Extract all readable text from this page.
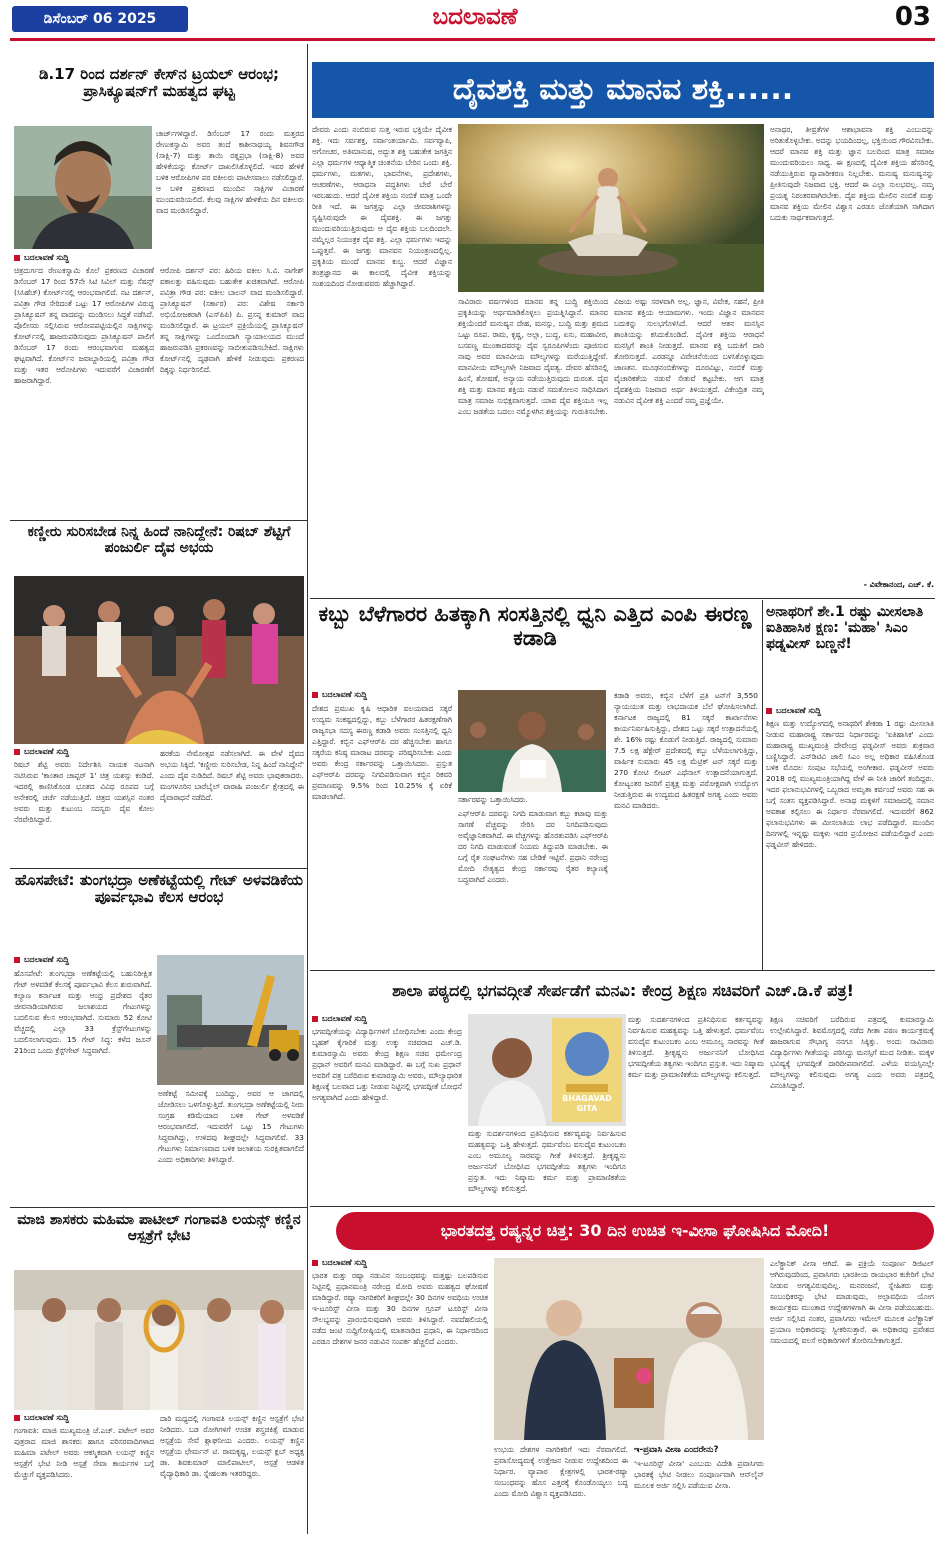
ಡಿಸೆಂಬರ್ 06 2025	ಬದಲಾವಣೆ	03
ಡಿ.17 ರಿಂದ ದರ್ಶನ್ ಕೇಸ್‌ನ ಟ್ರಯಲ್ ಆರಂಭ; ಪ್ರಾಸಿಕ್ಯೂಷನ್‌ಗೆ ಮಹತ್ವದ ಘಟ್ಟ
ಬದಲಾವಣೆ ಸುದ್ದಿ
ಚಾರ್ಜ್‌ಗಳಿದ್ದಾರೆ. ಡಿಸೆಂಬರ್ 17 ರಂದು ಮತ್ತರದ ರೇಣುಕಸ್ವಾಮಿ ಅವರ ತಂದೆ ಕಾಶೀನಾಥಯ್ಯ ಶಿವನಗೌಡ (ಸಾಕ್ಷಿ-7) ಮತ್ತು ತಾಯಿ ರತ್ನಪ್ರಭಾ (ಸಾಕ್ಷಿ-8) ಅವರ ಹೇಳಿಕೆಯನ್ನು ಕೋರ್ಟ್ ದಾಖಲಿಸಿಕೊಳ್ಳಲಿದೆ. ಇವರ ಹೇಳಿಕೆ ಬಳಿಕ ಆರೋಪಿಗಳ ಪರ ವಕೀಲರು ಪಾಟೀಸವಾಲು ನಡೆಸಲಿದ್ದಾರೆ. ಆ ಬಳಿಕ ಪ್ರಕರಣದ ಮುಂದಿನ ಸಾಕ್ಷಿಗಳ ವಿಚಾರಣೆ ಮುಂದುವರಿಯಲಿದೆ. ಕೆಲವು ಸಾಕ್ಷಿಗಳ ಹೇಳಿಕೆಯ ದಿನ ವಕೀಲರು ವಾದ ಮಂಡಿಸಲಿದ್ದಾರೆ.
ಚಿತ್ರದುರ್ಗದ ರೇಣುಕಸ್ವಾಮಿ ಕೊಲೆ ಪ್ರಕರಣದ ವಿಚಾರಣೆ ಡಿಸೆಂಬರ್ 17 ರಿಂದ 57ನೇ ಸಿಟಿ ಸಿವಿಲ್ ಮತ್ತು ಸೆಷನ್ಸ್ (ಸಿಸಿಹೆಚ್) ಕೋರ್ಟ್‌ನಲ್ಲಿ ಆರಂಭವಾಗಲಿದೆ. ನಟ ದರ್ಶನ್, ಪವಿತ್ರಾ ಗೌಡ ಸೇರಿದಂತೆ ಒಟ್ಟು 17 ಆರೋಪಿಗಳ ವಿರುದ್ಧ ಪ್ರಾಸಿಕ್ಯೂಷನ್ ತನ್ನ ವಾದವನ್ನು ಮಂಡಿಸಲು ಸಿದ್ಧತೆ ನಡೆಸಿದೆ. ಪೊಲೀಸರು ಸಲ್ಲಿಸಿರುವ ಆರೋಪಪಟ್ಟಿಯಲ್ಲಿನ ಸಾಕ್ಷಿಗಳನ್ನು ಕೋರ್ಟ್‌ನಲ್ಲಿ ಹಾಜರುಪಡಿಸುವುದು ಪ್ರಾಸಿಕ್ಯೂಷನ್ ಪಾಲಿಗೆ ಡಿಸೆಂಬರ್ 17 ರಂದು ಆರಂಭವಾಗುವ ಮಹತ್ವದ ಘಟ್ಟವಾಗಿದೆ. ಕೋರ್ಟ್‌ನ ಜವಾಬ್ದಾರಿಯಲ್ಲಿ ಪವಿತ್ರಾ ಗೌಡ ಮತ್ತು ಇತರ ಆರೋಪಿಗಳು ಇದುವರೆಗೆ ವಿಚಾರಣೆಗೆ ಹಾಜರಾಗಿದ್ದಾರೆ.
ಆರೋಪಿ ದರ್ಶನ್ ಪರ: ಹಿರಿಯ ವಕೀಲ ಸಿ.ವಿ. ನಾಗೇಶ್ ವಕಾಲತ್ತು ವಹಿಸುವುದು ಬಹುತೇಕ ಖಚಿತವಾಗಿದೆ. ಆರೋಪಿ ಪವಿತ್ರಾ ಗೌಡ ಪರ: ವಕೀಲ ಬಾಲನ್ ವಾದ ಮಂಡಿಸಲಿದ್ದಾರೆ. ಪ್ರಾಸಿಕ್ಯೂಷನ್ (ಸರ್ಕಾರ) ಪರ: ವಿಶೇಷ ಸರ್ಕಾರಿ ಅಭಿಯೋಜಕರಾಗಿ (ಎಸ್‌ಪಿಪಿ) ಪಿ. ಪ್ರಸನ್ನ ಕುಮಾರ್ ವಾದ ಮಂಡಿಸಲಿದ್ದಾರೆ. ಈ ಟ್ರಯಲ್ ಪ್ರಕ್ರಿಯೆಯಲ್ಲಿ ಪ್ರಾಸಿಕ್ಯೂಷನ್ ತನ್ನ ಸಾಕ್ಷಿಗಳನ್ನು ಒಂದೊಂದಾಗಿ ನ್ಯಾಯಾಲಯದ ಮುಂದೆ ಹಾಜರುಪಡಿಸಿ ಪ್ರಕರಣವನ್ನು ಸಾಬೀತುಪಡಿಸಬೇಕಿದೆ. ಸಾಕ್ಷಿಗಳು ಕೋರ್ಟ್‌ನಲ್ಲಿ ದೃಢವಾಗಿ ಹೇಳಿಕೆ ನೀಡುವುದು ಪ್ರಕರಣದ ದಿಕ್ಕನ್ನು ನಿರ್ಧರಿಸಲಿದೆ.
ಕಣ್ಣೀರು ಸುರಿಸಬೇಡ ನಿನ್ನ ಹಿಂದೆ ನಾನಿದ್ದೇನೆ: ರಿಷಬ್ ಶೆಟ್ಟಿಗೆ ಪಂಜುರ್ಲಿ ದೈವ ಅಭಯ
ಬದಲಾವಣೆ ಸುದ್ದಿ
ರಿಷಬ್ ಶೆಟ್ಟಿ ಅವರು ನಿರ್ದೇಶಿಸಿ ನಾಯಕ ನಟನಾಗಿ ನಟಿಸಿರುವ 'ಕಾಂತಾರ ಚಾಪ್ಟರ್ 1' ಚಿತ್ರ ಯಶಸ್ಸು ಕಂಡಿದೆ. ಇದರಲ್ಲಿ ಕಾಣಿಸಿಕೊಂಡ ಭೂತದ ವಿವಿಧ ರೂಪದ ಬಗ್ಗೆ ಅನೇಕರಲ್ಲಿ ಚರ್ಚೆ ನಡೆಯುತ್ತಿದೆ. ಚಿತ್ರದ ಯಶಸ್ಸಿನ ನಂತರ ಅವರು ಮತ್ತು ಕುಟುಂಬ ಸದಸ್ಯರು ದೈವ ಕೋಲ ನೆರವೇರಿಸಿದ್ದಾರೆ.
ಹರಕೆಯ ನೇಮೋತ್ಸವ ನಡೆಸಲಾಗಿದೆ. ಈ ವೇಳೆ ದೈವದ ಅಭಯ ಸಿಕ್ಕಿದೆ. 'ಕಣ್ಣೀರು ಸುರಿಸಬೇಡ, ನಿನ್ನ ಹಿಂದೆ ನಾನಿದ್ದೇನೆ' ಎಂದು ದೈವ ನುಡಿದಿದೆ. ರಿಷಬ್ ಶೆಟ್ಟಿ ಅವರು ಭಾವುಕರಾದರು. ಮಂಗಳೂರಿನ ಬಾರೆಬೈಲ್ ವಾರಾಹಿ ಪಂಜುರ್ಲಿ ಕ್ಷೇತ್ರದಲ್ಲಿ ಈ ದೈವಾರಾಧನೆ ನಡೆದಿದೆ.
ಹೊಸಪೇಟೆ: ತುಂಗಭದ್ರಾ ಅಣೆಕಟ್ಟೆಯಲ್ಲಿ ಗೇಟ್ ಅಳವಡಿಕೆಯ ಪೂರ್ವಭಾವಿ ಕೆಲಸ ಆರಂಭ
ಬದಲಾವಣೆ ಸುದ್ದಿ
ಹೊಸಪೇಟೆ: ತುಂಗಭದ್ರಾ ಅಣೆಕಟ್ಟೆಯಲ್ಲಿ ಬಹುನಿರೀಕ್ಷಿತ ಗೇಟ್ ಅಳವಡಿಕೆ ಕೆಲಸಕ್ಕೆ ಪೂರ್ವಭಾವಿ ಕೆಲಸ ಶುರುವಾಗಿದೆ. ಕಲ್ಯಾಣ ಕರ್ನಾಟಕ ಮತ್ತು ಆಂಧ್ರ ಪ್ರದೇಶದ ರೈತರ ಜೀವನಾಡಿಯಾಗಿರುವ ಜಲಾಶಯದ ಗೇಟುಗಳನ್ನು ಬದಲಿಸುವ ಕೆಲಸ ಆರಂಭವಾಗಿದೆ. ಸುಮಾರು 52 ಕೋಟಿ ವೆಚ್ಚದಲ್ಲಿ ಎಲ್ಲಾ 33 ಕ್ರೆಸ್ಟ್‌ಗೇಟುಗಳನ್ನು ಬದಲಿಸಲಾಗುವುದು. 15 ಗೇಟ್ ಸಿದ್ಧ: ಕಳೆದ ಜೂನ್ 21ರಿಂದ ಒಂದು ಕ್ರೆಸ್ಟ್‌ಗೇಟ್ ಸಿದ್ಧವಾಗಿದೆ.
ಅಣೆಕಟ್ಟೆ ಸಮೀಪಕ್ಕೆ ಬಂದಿದ್ದು, ಅವರ ಆ ಜಾಗದಲ್ಲಿ ಜೋಡಿಸಲು ಒಳಗೊಳ್ಳುತ್ತಿದೆ. ತುಂಗಭದ್ರಾ ಅಣೆಕಟ್ಟೆಯಲ್ಲಿ ನೀರು ಸಂಗ್ರಹ ಕಡಿಮೆಯಾದ ಬಳಿಕ ಗೇಟ್ ಅಳವಡಿಕೆ ಆರಂಭವಾಗಲಿದೆ. ಇದುವರೆಗೆ ಒಟ್ಟು 15 ಗೇಟುಗಳು ಸಿದ್ಧವಾಗಿದ್ದು, ಉಳಿದವು ಶೀಘ್ರದಲ್ಲೇ ಸಿದ್ಧವಾಗಲಿವೆ. 33 ಗೇಟುಗಳು ನಿರ್ಮಾಣವಾದ ಬಳಿಕ ಜಲಾಶಯ ಸುರಕ್ಷಿತವಾಗಲಿದೆ ಎಂದು ಅಧಿಕಾರಿಗಳು ತಿಳಿಸಿದ್ದಾರೆ.
ಮಾಜಿ ಶಾಸಕರು ಮಹಿಮಾ ಪಾಟೀಲ್ ಗಂಗಾವತಿ ಲಯನ್ಸ್ ಕಣ್ಣಿನ ಆಸ್ಪತ್ರೆಗೆ ಭೇಟಿ
ಬದಲಾವಣೆ ಸುದ್ದಿ
ಗಂಗಾವತಿ: ಮಾಜಿ ಮುಖ್ಯಮಂತ್ರಿ ಜೆ.ಎಚ್. ಪಟೇಲ್ ಅವರ ಪುತ್ರರಾದ ಮಾಜಿ ಶಾಸಕರು ಹಾಗೂ ಪರಿಸರವಾದಿಗಳಾದ ಮಹಿಮಾ ಪಟೇಲ್ ಅವರು ಆಕಸ್ಮಿಕವಾಗಿ ಲಯನ್ಸ್ ಕಣ್ಣಿನ ಆಸ್ಪತ್ರೆಗೆ ಭೇಟಿ ನೀಡಿ ಆಸ್ಪತ್ರೆ ಸೇವಾ ಕಾರ್ಯಗಳ ಬಗ್ಗೆ ಮೆಚ್ಚುಗೆ ವ್ಯಕ್ತಪಡಿಸಿದರು.
ದಾರಿ ಮಧ್ಯದಲ್ಲಿ ಗಂಗಾವತಿ ಲಯನ್ಸ್ ಕಣ್ಣಿನ ಆಸ್ಪತ್ರೆಗೆ ಭೇಟಿ ನೀಡಿದರು. ಬಡ ರೋಗಿಗಳಿಗೆ ಉಚಿತ ಶಸ್ತ್ರಚಿಕಿತ್ಸೆ ಮಾಡುವ ಆಸ್ಪತ್ರೆಯ ಸೇವೆ ಶ್ಲಾಘನೀಯ ಎಂದರು. ಲಯನ್ಸ್ ಕಣ್ಣಿನ ಆಸ್ಪತ್ರೆಯ ಛೇರ್ಮನ್ ಟಿ. ರಾಮಕೃಷ್ಣ, ಲಯನ್ಸ್ ಕ್ಲಬ್ ಅಧ್ಯಕ್ಷ ಡಾ. ಶಿವಕುಮಾರ್ ಮಾಲಿಪಾಟೀಲ್, ಆಸ್ಪತ್ರೆ ಆಡಳಿತ ವೈದ್ಯಾಧಿಕಾರಿ ಡಾ. ಸ್ನೇಹಲತಾ ಇತರರಿದ್ದರು.
ದೈವಶಕ್ತಿ ಮತ್ತು ಮಾನವ ಶಕ್ತಿ......
ದೇವರು ಎಂದು ನಂಬಿರುವ ಸುತ್ತ ಇರುವ ಭಕ್ತಿಯೇ ದೈವೀಕ ಶಕ್ತಿ. ಇದು ಸರ್ವಶಕ್ತ, ಸರ್ವಾಂತರ್ಯಾಮಿ. ಸರ್ವವ್ಯಾಪಿ, ಅಗೋಚರ, ಅತಿಮಾನುಷ, ಅದ್ಭುತ ಶಕ್ತಿ ಬಹುತೇಕ ಜಗತ್ತಿನ ಎಲ್ಲಾ ಧರ್ಮಗಳ ಆಧ್ಯಾತ್ಮಿಕ ಚಿಂತನೆಯ ಬೇರಿನ ಒಂದು ಶಕ್ತಿ. ಧರ್ಮಗಳು, ಮತಗಳು, ಭಾವನೆಗಳು, ಪ್ರದೇಶಗಳು, ಆಚರಣೆಗಳು, ಆರಾಧನಾ ಪದ್ಧತಿಗಳು ಬೇರೆ ಬೇರೆ ಇರಬಹುದು. ಆದರೆ ದೈವೀಕ ಶಕ್ತಿಯ ನಂಬಿಕೆ ಮಾತ್ರ ಒಂದೇ ರೀತಿ ಇದೆ. ಈ ಜಗತ್ತನ್ನು ಎಲ್ಲಾ ಜೀವರಾಶಿಗಳನ್ನು ಸೃಷ್ಟಿಸಿರುವುದೇ ಈ ದೈವಶಕ್ತಿ. ಈ ಜಗತ್ತು ಮುಂದುವರಿಯುತ್ತಿರುವುದು ಆ ದೈವ ಶಕ್ತಿಯ ಬಲದಿಂದಲೇ. ನಮ್ಮೆಲ್ಲರ ನಿಯಂತ್ರಕ ದೈವ ಶಕ್ತಿ. ಎಲ್ಲಾ ಧರ್ಮಗಳು ಇದನ್ನು ಒಪ್ಪುತ್ತವೆ. ಈ ಜಗತ್ತು ಮಾನವನ ನಿಯಂತ್ರಣದಲ್ಲಿಲ್ಲ. ಪ್ರಕೃತಿಯ ಮುಂದೆ ಮಾನವ ಕುಬ್ಜ. ಆದರೆ ವಿಜ್ಞಾನ ತಂತ್ರಜ್ಞಾನದ ಈ ಕಾಲದಲ್ಲಿ ದೈವೀಕ ಶಕ್ತಿಯನ್ನು ಸಂಶಯದಿಂದ ನೋಡುವವರು ಹೆಚ್ಚಾಗಿದ್ದಾರೆ.
ಸಾವಿರಾರು ವರ್ಷಗಳಿಂದ ಮಾನವ ತನ್ನ ಬುದ್ಧಿ ಶಕ್ತಿಯಿಂದ ಪ್ರಕೃತಿಯನ್ನು ಅರ್ಥಮಾಡಿಕೊಳ್ಳಲು ಪ್ರಯತ್ನಿಸಿದ್ದಾನೆ. ಮಾನವ ಶಕ್ತಿಯೆಂದರೆ ಮನುಷ್ಯನ ದೇಹ, ಮನಸ್ಸು, ಬುದ್ಧಿ ಮತ್ತು ಶ್ರಮದ ಒಟ್ಟು ರೂಪ. ರಾಮ, ಕೃಷ್ಣ, ಅಲ್ಲಾ, ಬುದ್ಧ, ಏಸು, ಮಹಾವೀರ, ಬಸವಣ್ಣ ಮುಂತಾದವರನ್ನು ದೈವ ಸ್ವರೂಪಿಗಳೆಂದು ಪೂಜಿಸುವ ನಾವು ಅವರ ಮಾನವೀಯ ಮೌಲ್ಯಗಳನ್ನು ಮರೆಯುತ್ತಿದ್ದೇವೆ. ಮಾನವೀಯ ಮೌಲ್ಯಗಳೇ ನಿಜವಾದ ದೈವತ್ವ. ದೇವರ ಹೆಸರಿನಲ್ಲಿ ಹಿಂಸೆ, ಶೋಷಣೆ, ಅನ್ಯಾಯ ನಡೆಯುತ್ತಿರುವುದು ದುರಂತ. ದೈವ ಶಕ್ತಿ ಮತ್ತು ಮಾನವ ಶಕ್ತಿಯ ನಡುವೆ ಸಮತೋಲನ ಸಾಧಿಸಿದಾಗ ಮಾತ್ರ ಸಮಾಜ ಸುಭಿಕ್ಷವಾಗುತ್ತದೆ. ಯಾವ ದೈವ ಶಕ್ತಿಯೂ ಇಲ್ಲ ಎಂಬ ಜಡತೆಯ ಬದಲು ನಮ್ಮೊಳಗಿನ ಶಕ್ತಿಯನ್ನು ಗುರುತಿಸಬೇಕು.
ವಿಜಯ ಅಷ್ಟು ಸರಳವಾಗಿ ಅಲ್ಲ. ಜ್ಞಾನ, ವಿವೇಕ, ಸಹನೆ, ಪ್ರೀತಿ ಮಾನವ ಶಕ್ತಿಯ ಆಯಾಮಗಳು. ಇಂದು ವಿಜ್ಞಾನ ಮಾನವನ ಬದುಕನ್ನು ಸುಲಭಗೊಳಿಸಿದೆ. ಆದರೆ ಆತನ ಮನಸ್ಸಿನ ಶಾಂತಿಯನ್ನು ಕಸಿದುಕೊಂಡಿದೆ. ದೈವೀಕ ಶಕ್ತಿಯ ಆರಾಧನೆ ಮನಸ್ಸಿಗೆ ಶಾಂತಿ ನೀಡುತ್ತದೆ. ಮಾನವ ಶಕ್ತಿ ಬದುಕಿಗೆ ದಾರಿ ತೋರಿಸುತ್ತದೆ. ಎರಡನ್ನೂ ವಿವೇಚನೆಯಿಂದ ಬಳಸಿಕೊಳ್ಳುವುದು ಜಾಣತನ. ಮೂಢನಂಬಿಕೆಗಳನ್ನು ದೂರವಿಟ್ಟು, ನಂಬಿಕೆ ಮತ್ತು ವೈಚಾರಿಕತೆಯ ನಡುವೆ ಸೇತುವೆ ಕಟ್ಟಬೇಕು. ಆಗ ಮಾತ್ರ ದೈವಶಕ್ತಿಯ ನಿಜವಾದ ಅರ್ಥ ತಿಳಿಯುತ್ತದೆ. ವಿಕೇಂದ್ರಿತ ನಮ್ಮ ನಡುವಿನ ದೈವೀಕ ಶಕ್ತಿ ಎಂದರೆ ನಮ್ಮ ಪ್ರಜ್ಞೆಯೇ.
ಅನಾಥರ, ತೀವ್ರತೆಗಳ ಆಶಾಭಾವನಾ ಶಕ್ತಿ ಎಂಬುದನ್ನು ಅರಿತುಕೊಳ್ಳಬೇಕು. ಅದನ್ನು ಭಯದಿಂದಲ್ಲ, ಭಕ್ತಿಯಿಂದ ಗೌರವಿಸಬೇಕು. ಆದರೆ ಮಾನವ ಶಕ್ತಿ ಮತ್ತು ಜ್ಞಾನ ಬಲದಿಂದ ಮಾತ್ರ ಸಮಾಜ ಮುಂದುವರಿಯಲು ಸಾಧ್ಯ. ಈ ಕ್ಷಣದಲ್ಲಿ ದೈವೀಕ ಶಕ್ತಿಯ ಹೆಸರಿನಲ್ಲಿ ನಡೆಯುತ್ತಿರುವ ವ್ಯಾಪಾರೀಕರಣ ನಿಲ್ಲಬೇಕು. ಮನುಷ್ಯ ಮನುಷ್ಯನನ್ನು ಪ್ರೀತಿಸುವುದೇ ನಿಜವಾದ ಭಕ್ತಿ. ಆದರೆ ಈ ಎಲ್ಲಾ ಸುಲಭವಲ್ಲ. ನಮ್ಮ ಪ್ರಯತ್ನ ನಿರಂತರವಾಗಿರಬೇಕು. ದೈವ ಶಕ್ತಿಯ ಮೇಲಿನ ನಂಬಿಕೆ ಮತ್ತು ಮಾನವ ಶಕ್ತಿಯ ಮೇಲಿನ ವಿಶ್ವಾಸ ಎರಡೂ ಜೊತೆಯಾಗಿ ಸಾಗಿದಾಗ ಬದುಕು ಸಾರ್ಥಕವಾಗುತ್ತದೆ.
- ವಿವೇಕಾನಂದ, ಎಚ್. ಕೆ.
ಕಬ್ಬು ಬೆಳೆಗಾರರ ಹಿತಕ್ಕಾಗಿ ಸಂಸತ್ತಿನಲ್ಲಿ ಧ್ವನಿ ಎತ್ತಿದ ಎಂಪಿ ಈರಣ್ಣ ಕಡಾಡಿ
ಬದಲಾವಣೆ ಸುದ್ದಿ
ದೇಶದ ಪ್ರಮುಖ ಕೃಷಿ ಆಧಾರಿತ ವಲಯವಾದ ಸಕ್ಕರೆ ಉದ್ಯಮ ಸಂಕಷ್ಟದಲ್ಲಿದ್ದು, ಕಬ್ಬು ಬೆಳೆಗಾರರ ಹಿತರಕ್ಷಣೆಗಾಗಿ ರಾಜ್ಯಸಭಾ ಸದಸ್ಯ ಈರಣ್ಣ ಕಡಾಡಿ ಅವರು ಸಂಸತ್ತಿನಲ್ಲಿ ಧ್ವನಿ ಎತ್ತಿದ್ದಾರೆ. ಕಬ್ಬಿನ ಎಫ್‌ಆರ್‌ಪಿ ದರ ಹೆಚ್ಚಿಸಬೇಕು ಹಾಗೂ ಸಕ್ಕರೆಯ ಕನಿಷ್ಠ ಮಾರಾಟ ದರವನ್ನು ಪರಿಷ್ಕರಿಸಬೇಕು ಎಂದು ಅವರು ಕೇಂದ್ರ ಸರ್ಕಾರವನ್ನು ಒತ್ತಾಯಿಸಿದರು. ಪ್ರಸ್ತುತ ಎಫ್‌ಆರ್‌ಪಿ ದರವನ್ನು ನಿಗದಿಪಡಿಸುವಾಗ ಕಬ್ಬಿನ ರಿಕವರಿ ಪ್ರಮಾಣವನ್ನು 9.5% ರಿಂದ 10.25% ಕ್ಕೆ ಏರಿಕೆ ಮಾಡಲಾಗಿದೆ.	ಸರ್ಕಾರವನ್ನು ಒತ್ತಾಯಿಸಿದರು.
ಎಫ್‌ಆರ್‌ಪಿ ದರವನ್ನು ನಿಗದಿ ಮಾಡುವಾಗ ಕಬ್ಬು ಕಟಾವು ಮತ್ತು ಸಾಗಣೆ ವೆಚ್ಚವನ್ನು ಸೇರಿಸಿ ದರ ನಿಗದಿಪಡಿಸುವುದು ಅವೈಜ್ಞಾನಿಕವಾಗಿದೆ. ಈ ವೆಚ್ಚಗಳನ್ನು ಹೊರತುಪಡಿಸಿ ಎಫ್‌ಆರ್‌ಪಿ ದರ ನಿಗದಿ ಮಾಡುವಂತೆ ನಿಯಮ ತಿದ್ದುಪಡಿ ಮಾಡಬೇಕು. ಈ ಬಗ್ಗೆ ರೈತ ಸಂಘಟನೆಗಳು ಸಹ ಬೇಡಿಕೆ ಇಟ್ಟಿವೆ. ಪ್ರಧಾನಿ ನರೇಂದ್ರ ಮೋದಿ ನೇತೃತ್ವದ ಕೇಂದ್ರ ಸರ್ಕಾರವು ರೈತರ ಕಲ್ಯಾಣಕ್ಕೆ ಬದ್ಧವಾಗಿದೆ ಎಂದರು.
ಕಡಾಡಿ ಅವರು, ಕಬ್ಬಿನ ಬೆಳೆಗೆ ಪ್ರತಿ ಟನ್‌ಗೆ 3,550 ನ್ಯಾಯಯುತ ಮತ್ತು ಲಾಭದಾಯಕ ಬೆಲೆ ಘೋಷಿಸಲಾಗಿದೆ. ಕರ್ನಾಟಕ ರಾಜ್ಯದಲ್ಲಿ 81 ಸಕ್ಕರೆ ಕಾರ್ಖಾನೆಗಳು ಕಾರ್ಯನಿರ್ವಹಿಸುತ್ತಿದ್ದು, ದೇಶದ ಒಟ್ಟು ಸಕ್ಕರೆ ಉತ್ಪಾದನೆಯಲ್ಲಿ ಶೇ. 16% ರಷ್ಟು ಕೊಡುಗೆ ನೀಡುತ್ತಿದೆ. ರಾಜ್ಯದಲ್ಲಿ ಸುಮಾರು 7.5 ಲಕ್ಷ ಹೆಕ್ಟೇರ್ ಪ್ರದೇಶದಲ್ಲಿ ಕಬ್ಬು ಬೆಳೆಯಲಾಗುತ್ತಿದ್ದು, ವಾರ್ಷಿಕ ಸುಮಾರು 45 ಲಕ್ಷ ಮೆಟ್ರಿಕ್ ಟನ್ ಸಕ್ಕರೆ ಮತ್ತು 270 ಕೋಟಿ ಲೀಟರ್ ಎಥೆನಾಲ್ ಉತ್ಪಾದನೆಯಾಗುತ್ತದೆ. ಕೋಟ್ಯಂತರ ಜನರಿಗೆ ಪ್ರತ್ಯಕ್ಷ ಮತ್ತು ಪರೋಕ್ಷವಾಗಿ ಉದ್ಯೋಗ ನೀಡುತ್ತಿರುವ ಈ ಉದ್ಯಮದ ಹಿತರಕ್ಷಣೆ ಅಗತ್ಯ ಎಂದು ಅವರು ಮನವಿ ಮಾಡಿದರು.
ಅನಾಥರಿಗೆ ಶೇ.1 ರಷ್ಟು ಮೀಸಲಾತಿ ಐತಿಹಾಸಿಕ ಕ್ಷಣ: 'ಮಹಾ' ಸಿಎಂ ಫಡ್ನವೀಸ್ ಬಣ್ಣನೆ!
ಬದಲಾವಣೆ ಸುದ್ದಿ
ಶಿಕ್ಷಣ ಮತ್ತು ಉದ್ಯೋಗದಲ್ಲಿ ಅನಾಥರಿಗೆ ಶೇಕಡಾ 1 ರಷ್ಟು ಮೀಸಲಾತಿ ನೀಡುವ ಮಹಾರಾಷ್ಟ್ರ ಸರ್ಕಾರದ ನಿರ್ಧಾರವನ್ನು 'ಐತಿಹಾಸಿಕ' ಎಂದು ಮಹಾರಾಷ್ಟ್ರ ಮುಖ್ಯಮಂತ್ರಿ ದೇವೇಂದ್ರ ಫಡ್ನವೀಸ್ ಅವರು ಶುಕ್ರವಾರ ಬಣ್ಣಿಸಿದ್ದಾರೆ. ಎನ್‌ಡಿಟಿವಿ ಜಾಲಿ ಸಿಎಂ ಅಲ್ಲ ಅಧಿಕಾರ ವಹಿಸಿಕೊಂಡ ಬಳಿಕ ಮೊದಲ ಸಂಪುಟ ಸಭೆಯಲ್ಲಿ ಅಂಗೀಕಾರ. ಫಡ್ನವೀಸ್ ಅವರು 2018 ರಲ್ಲಿ ಮುಖ್ಯಮಂತ್ರಿಯಾಗಿದ್ದ ವೇಳೆ ಈ ನೀತಿ ಜಾರಿಗೆ ತಂದಿದ್ದರು. ಇದರ ಫಲಾನುಭವಿಗಳಲ್ಲಿ ಒಬ್ಬರಾದ ಅಮೃತಾ ಕರ್ವಂದೆ ಅವರು ಸಹ ಈ ಬಗ್ಗೆ ಸಂತಸ ವ್ಯಕ್ತಪಡಿಸಿದ್ದಾರೆ. ಅನಾಥ ಮಕ್ಕಳಿಗೆ ಸಮಾಜದಲ್ಲಿ ಸಮಾನ ಅವಕಾಶ ಕಲ್ಪಿಸಲು ಈ ನಿರ್ಧಾರ ನೆರವಾಗಲಿದೆ. ಇದುವರೆಗೆ 862 ಫಲಾನುಭವಿಗಳು ಈ ಮೀಸಲಾತಿಯ ಲಾಭ ಪಡೆದಿದ್ದಾರೆ. ಮುಂದಿನ ದಿನಗಳಲ್ಲಿ ಇನ್ನಷ್ಟು ಮಕ್ಕಳು ಇದರ ಪ್ರಯೋಜನ ಪಡೆಯಲಿದ್ದಾರೆ ಎಂದು ಫಡ್ನವೀಸ್ ಹೇಳಿದರು.
ಶಾಲಾ ಪಠ್ಯದಲ್ಲಿ ಭಗವದ್ಗೀತೆ ಸೇರ್ಪಡೆಗೆ ಮನವಿ: ಕೇಂದ್ರ ಶಿಕ್ಷಣ ಸಚಿವರಿಗೆ ಎಚ್.ಡಿ.ಕೆ ಪತ್ರ!
ಬದಲಾವಣೆ ಸುದ್ದಿ
ಭಗವದ್ಗೀತೆಯನ್ನು ವಿದ್ಯಾರ್ಥಿಗಳಿಗೆ ಬೋಧಿಸಬೇಕು ಎಂದು ಕೇಂದ್ರ ಬೃಹತ್ ಕೈಗಾರಿಕೆ ಮತ್ತು ಉಕ್ಕು ಸಚಿವರಾದ ಎಚ್.ಡಿ. ಕುಮಾರಸ್ವಾಮಿ ಅವರು ಕೇಂದ್ರ ಶಿಕ್ಷಣ ಸಚಿವ ಧರ್ಮೇಂದ್ರ ಪ್ರಧಾನ್ ಅವರಿಗೆ ಮನವಿ ಮಾಡಿದ್ದಾರೆ. ಈ ಬಗ್ಗೆ ಸುಖ ಪ್ರಧಾನ್ ಅವರಿಗೆ ಪತ್ರ ಬರೆದಿರುವ ಕುಮಾರಸ್ವಾಮಿ ಅವರು, ಮೌಲ್ಯಾಧಾರಿತ ಶಿಕ್ಷಣಕ್ಕೆ ಬಲವಾದ ಒತ್ತು ನೀಡುವ ನಿಟ್ಟಿನಲ್ಲಿ ಭಗವದ್ಗೀತೆ ಬೋಧನೆ ಅಗತ್ಯವಾಗಿದೆ ಎಂದು ಹೇಳಿದ್ದಾರೆ.	BHAGAVAD
GITA
ಮತ್ತು ಸುದರ್ಶನಗಳಿಂದ ಪ್ರತಿನಿಧಿಸುವ ಕರ್ತವ್ಯವನ್ನು ನಿರ್ವಹಿಸುವ ಮಹತ್ವವನ್ನು ಒತ್ತಿ ಹೇಳುತ್ತದೆ. ಧರ್ಮವೆಂಬ ವಸುದೈವ ಕುಟುಂಬಕಂ ಎಂಬ ಅಮೂಲ್ಯ ಸಾರವನ್ನು ಗೀತೆ ತಿಳಿಸುತ್ತದೆ. ಶ್ರೀಕೃಷ್ಣನು ಅರ್ಜುನನಿಗೆ ಬೋಧಿಸಿದ ಭಗವದ್ಗೀತೆಯ ತತ್ವಗಳು ಇಂದಿಗೂ ಪ್ರಸ್ತುತ. ಇದು ನಿಷ್ಕಾಮ ಕರ್ಮ ಮತ್ತು ಪ್ರಾಮಾಣಿಕತೆಯ ಮೌಲ್ಯಗಳನ್ನು ಕಲಿಸುತ್ತದೆ.
ಮತ್ತು ಸುದರ್ಶನಗಳಿಂದ ಪ್ರತಿನಿಧಿಸುವ ಕರ್ತವ್ಯವನ್ನು ನಿರ್ವಹಿಸುವ ಮಹತ್ವವನ್ನು ಒತ್ತಿ ಹೇಳುತ್ತದೆ. ಧರ್ಮವೆಂಬ ವಸುದೈವ ಕುಟುಂಬಕಂ ಎಂಬ ಅಮೂಲ್ಯ ಸಾರವನ್ನು ಗೀತೆ ತಿಳಿಸುತ್ತದೆ. ಶ್ರೀಕೃಷ್ಣನು ಅರ್ಜುನನಿಗೆ ಬೋಧಿಸಿದ ಭಗವದ್ಗೀತೆಯ ತತ್ವಗಳು ಇಂದಿಗೂ ಪ್ರಸ್ತುತ. ಇದು ನಿಷ್ಕಾಮ ಕರ್ಮ ಮತ್ತು ಪ್ರಾಮಾಣಿಕತೆಯ ಮೌಲ್ಯಗಳನ್ನು ಕಲಿಸುತ್ತದೆ.
ಶಿಕ್ಷಣ ಸಚಿವರಿಗೆ ಬರೆದಿರುವ ಪತ್ರದಲ್ಲಿ ಕುಮಾರಸ್ವಾಮಿ ಉಲ್ಲೇಖಿಸಿದ್ದಾರೆ. ಶಿವಮೊಗ್ಗದಲ್ಲಿ ನಡೆದ ಗೀತಾ ಪಠಣ ಕಾರ್ಯಕ್ರಮಕ್ಕೆ ಹಾಜರಾಗುವ ಸೌಭಾಗ್ಯ ನನಗೂ ಸಿಕ್ಕಿತ್ತು. ಅಂದು ಸಾವಿರಾರು ವಿದ್ಯಾರ್ಥಿಗಳು ಗೀತೆಯನ್ನು ಪಠಿಸಿದ್ದು ಮನಸ್ಸಿಗೆ ಮುದ ನೀಡಿತು. ಮಕ್ಕಳ ಭವಿಷ್ಯಕ್ಕೆ ಭಗವದ್ಗೀತೆ ದಾರಿದೀಪವಾಗಲಿದೆ. ಎಳೆಯ ವಯಸ್ಸಿನಲ್ಲೇ ಮೌಲ್ಯಗಳನ್ನು ಕಲಿಸುವುದು ಅಗತ್ಯ ಎಂದು ಅವರು ಪತ್ರದಲ್ಲಿ ವಿನಂತಿಸಿದ್ದಾರೆ.
ಭಾರತದತ್ತ ರಷ್ಯನ್ನರ ಚಿತ್ತ: 30 ದಿನ ಉಚಿತ ಇ-ವೀಸಾ ಘೋಷಿಸಿದ ಮೋದಿ!
ಬದಲಾವಣೆ ಸುದ್ದಿ
ಭಾರತ ಮತ್ತು ರಷ್ಯಾ ನಡುವಿನ ಸಂಬಂಧವನ್ನು ಮತ್ತಷ್ಟು ಬಲಪಡಿಸುವ ನಿಟ್ಟಿನಲ್ಲಿ ಪ್ರಧಾನಮಂತ್ರಿ ನರೇಂದ್ರ ಮೋದಿ ಅವರು ಮಹತ್ವದ ಘೋಷಣೆ ಮಾಡಿದ್ದಾರೆ. ರಷ್ಯಾ ನಾಗರಿಕರಿಗೆ ಶೀಘ್ರದಲ್ಲೇ 30 ದಿನಗಳ ಅವಧಿಯ ಉಚಿತ ಇ-ಟೂರಿಸ್ಟ್ ವೀಸಾ ಮತ್ತು 30 ದಿನಗಳ ಗ್ರೂಪ್ ಟೂರಿಸ್ಟ್ ವೀಸಾ ಸೌಲಭ್ಯವನ್ನು ಪ್ರಾರಂಭಿಸುವುದಾಗಿ ಅವರು ತಿಳಿಸಿದ್ದಾರೆ. ನವದೆಹಲಿಯಲ್ಲಿ ನಡೆದ ಜಂಟಿ ಸುದ್ದಿಗೋಷ್ಠಿಯಲ್ಲಿ ಮಾತನಾಡಿದ ಪ್ರಧಾನಿ, ಈ ನಿರ್ಧಾರದಿಂದ ಎರಡೂ ದೇಶಗಳ ಜನರ ನಡುವಿನ ಸಂಪರ್ಕ ಹೆಚ್ಚಲಿದೆ ಎಂದರು.
ಉಭಯ ದೇಶಗಳ ನಾಗರಿಕರಿಗೆ ಇದು ನೆರವಾಗಲಿದೆ. ಪ್ರವಾಸೋದ್ಯಮಕ್ಕೆ ಉತ್ತೇಜನ ನೀಡುವ ಉದ್ದೇಶದಿಂದ ಈ ನಿರ್ಧಾರ. ವ್ಯಾಪಾರ ಕ್ಷೇತ್ರಗಳಲ್ಲಿ ಭಾರತ-ರಷ್ಯಾ ಸಂಬಂಧವನ್ನು ಹೊಸ ಎತ್ತರಕ್ಕೆ ಕೊಂಡೊಯ್ಯಲು ಬದ್ಧ ಎಂದು ಮೋದಿ ವಿಶ್ವಾಸ ವ್ಯಕ್ತಪಡಿಸಿದರು.
ಇ-ಪ್ರವಾಸಿ ವೀಸಾ ಎಂದರೇನು?
'ಇ-ಟೂರಿಸ್ಟ್ ವೀಸಾ' ಎಂಬುದು ವಿದೇಶಿ ಪ್ರವಾಸಿಗರು ಭಾರತಕ್ಕೆ ಭೇಟಿ ನೀಡಲು ಸಂಪೂರ್ಣವಾಗಿ ಆನ್‌ಲೈನ್ ಮೂಲಕ ಅರ್ಜಿ ಸಲ್ಲಿಸಿ ಪಡೆಯುವ ವೀಸಾ.
ಎಲೆಕ್ಟ್ರಾನಿಕ್ ವೀಸಾ ಆಗಿದೆ. ಈ ಪ್ರಕ್ರಿಯೆ ಸಂಪೂರ್ಣ ಡಿಜಿಟಲ್ ಆಗಿರುವುದರಿಂದ, ಪ್ರವಾಸಿಗರು ಭಾರತೀಯ ರಾಯಭಾರ ಕಚೇರಿಗೆ ಭೇಟಿ ನೀಡುವ ಅಗತ್ಯವಿರುವುದಿಲ್ಲ. ಮನರಂಜನೆ, ಸ್ನೇಹಿತರು ಮತ್ತು ಸಂಬಂಧಿಕರನ್ನು ಭೇಟಿ ಮಾಡುವುದು, ಅಲ್ಪಾವಧಿಯ ಯೋಗ ಕಾರ್ಯಕ್ರಮ ಮುಂತಾದ ಉದ್ದೇಶಗಳಿಗಾಗಿ ಈ ವೀಸಾ ಪಡೆಯಬಹುದು. ಅರ್ಜಿ ಸಲ್ಲಿಸಿದ ನಂತರ, ಪ್ರವಾಸಿಗರು ಇಮೇಲ್ ಮೂಲಕ ಎಲೆಕ್ಟ್ರಾನಿಕ್ ಪ್ರಯಾಣ ಅಧಿಕಾರವನ್ನು ಸ್ವೀಕರಿಸುತ್ತಾರೆ. ಈ ಅಧಿಕಾರವು ಪ್ರವೇಶದ ಸಮಯದಲ್ಲಿ ವಲಸೆ ಅಧಿಕಾರಿಗಳಿಗೆ ತೋರಿಸಬೇಕಾಗುತ್ತದೆ.
